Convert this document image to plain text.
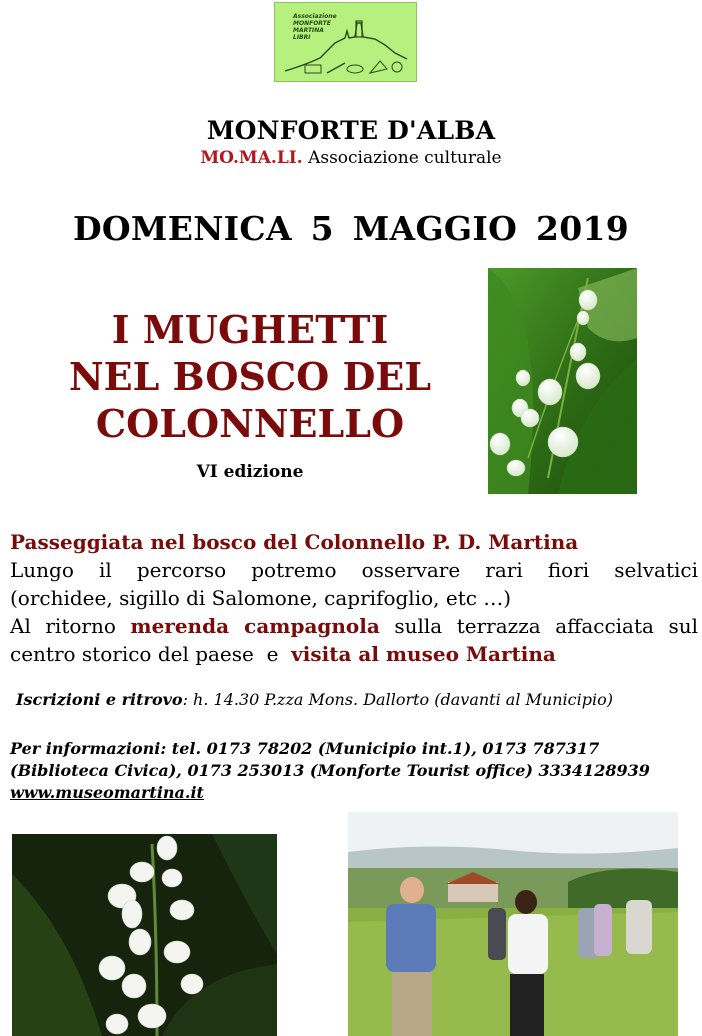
Associazione
MONFORTE
MARTINA
LIBRI
MONFORTE D'ALBA
MO.MA.LI. Associazione culturale
DOMENICA 5 MAGGIO 2019
I MUGHETTI
NEL BOSCO DEL
COLONNELLO
VI edizione
Passeggiata nel bosco del Colonnello P. D. Martina
Lungo il percorso potremo osservare rari fiori selvatici
(orchidee, sigillo di Salomone, caprifoglio, etc …)
Al ritorno merenda campagnola sulla terrazza affacciata sul
centro storico del paese  e  visita al museo Martina
Iscrizioni e ritrovo: h. 14.30 P.zza Mons. Dallorto (davanti al Municipio)
Per informazioni: tel. 0173 78202 (Municipio int.1), 0173 787317
(Biblioteca Civica), 0173 253013 (Monforte Tourist office) 3334128939
www.museomartina.it
